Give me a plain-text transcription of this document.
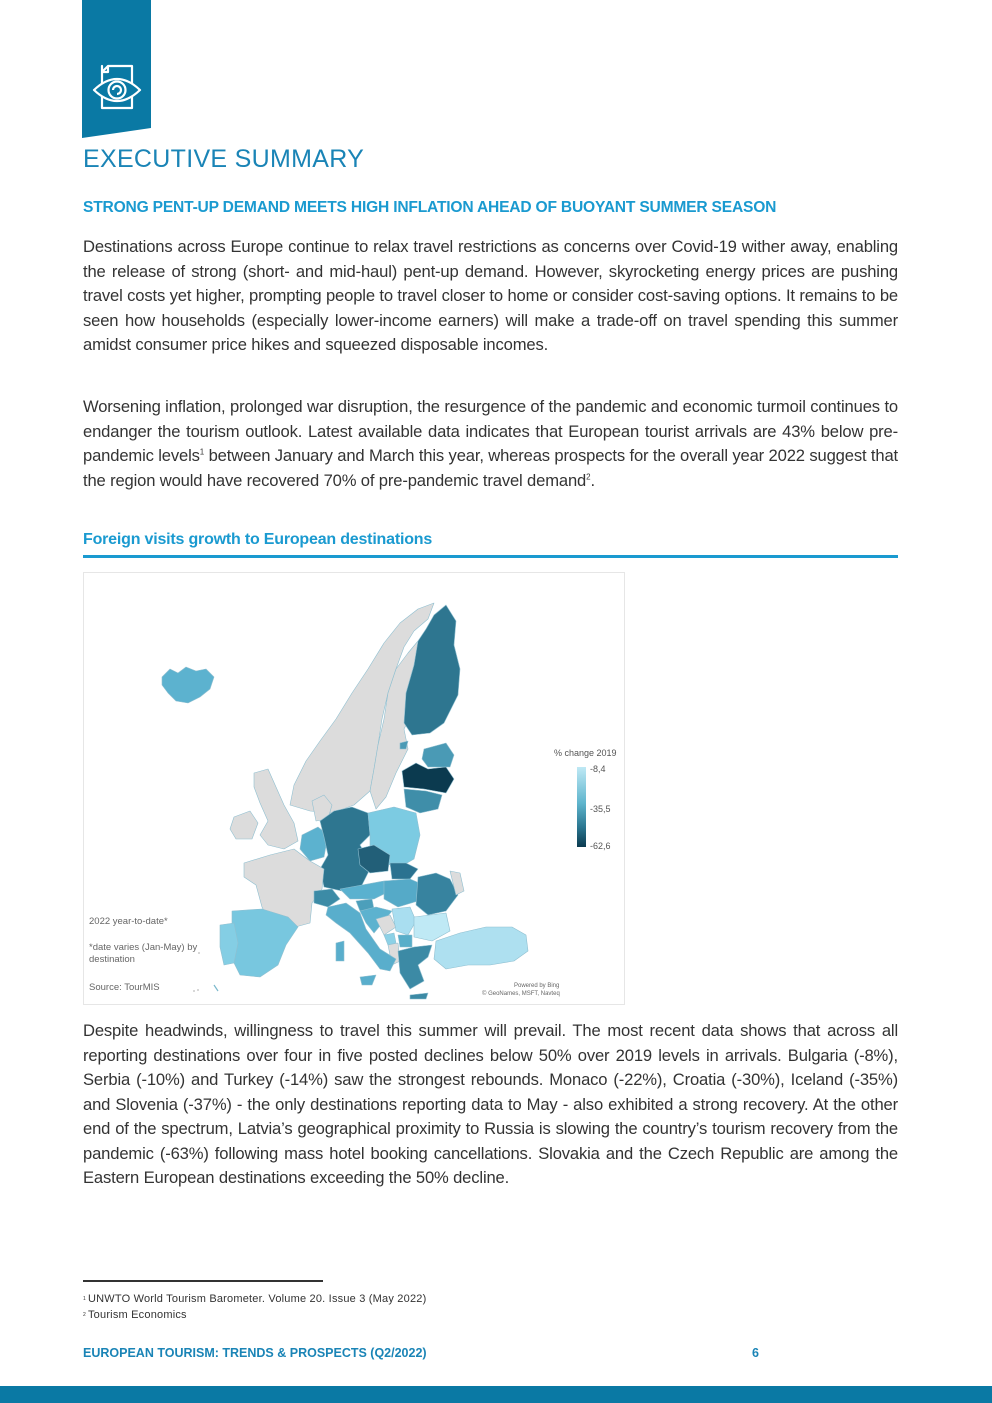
EXECUTIVE SUMMARY
STRONG PENT-UP DEMAND MEETS HIGH INFLATION AHEAD OF BUOYANT SUMMER SEASON

Destinations across Europe continue to relax travel restrictions as concerns over Covid-19 wither away, enabling the release of strong (short- and mid-haul) pent-up demand. However, skyrocketing energy prices are pushing travel costs yet higher, prompting people to travel closer to home or consider cost-saving options. It remains to be seen how households (especially lower-income earners) will make a trade-off on travel spending this summer amidst consumer price hikes and squeezed disposable incomes.

Worsening inflation, prolonged war disruption, the resurgence of the pandemic and economic turmoil continues to endanger the tourism outlook. Latest available data indicates that European tourist arrivals are 43% below pre-pandemic levels$^1$ between January and March this year, whereas prospects for the overall year 2022 suggest that the region would have recovered 70% of pre-pandemic travel demand$^2$.

Foreign visits growth to European destinations
% change 2019
-8,4
-35,5
-62,6
2022 year-to-date*
*date varies (Jan-May) by destination
Source: TourMIS	Powered by Bing
© GeoNames, MSFT, Navteq

Despite headwinds, willingness to travel this summer will prevail. The most recent data shows that across all reporting destinations over four in five posted declines below 50% over 2019 levels in arrivals. Bulgaria (-8%), Serbia (-10%) and Turkey (-14%) saw the strongest rebounds. Monaco (-22%), Croatia (-30%), Iceland (-35%) and Slovenia (-37%) - the only destinations reporting data to May - also exhibited a strong recovery. At the other end of the spectrum, Latvia’s geographical proximity to Russia is slowing the country’s tourism recovery from the pandemic (-63%) following mass hotel booking cancellations. Slovakia and the Czech Republic are among the Eastern European destinations exceeding the 50% decline.

1 UNWTO World Tourism Barometer. Volume 20. Issue 3 (May 2022)
2 Tourism Economics
EUROPEAN TOURISM: TRENDS & PROSPECTS (Q2/2022)	6
